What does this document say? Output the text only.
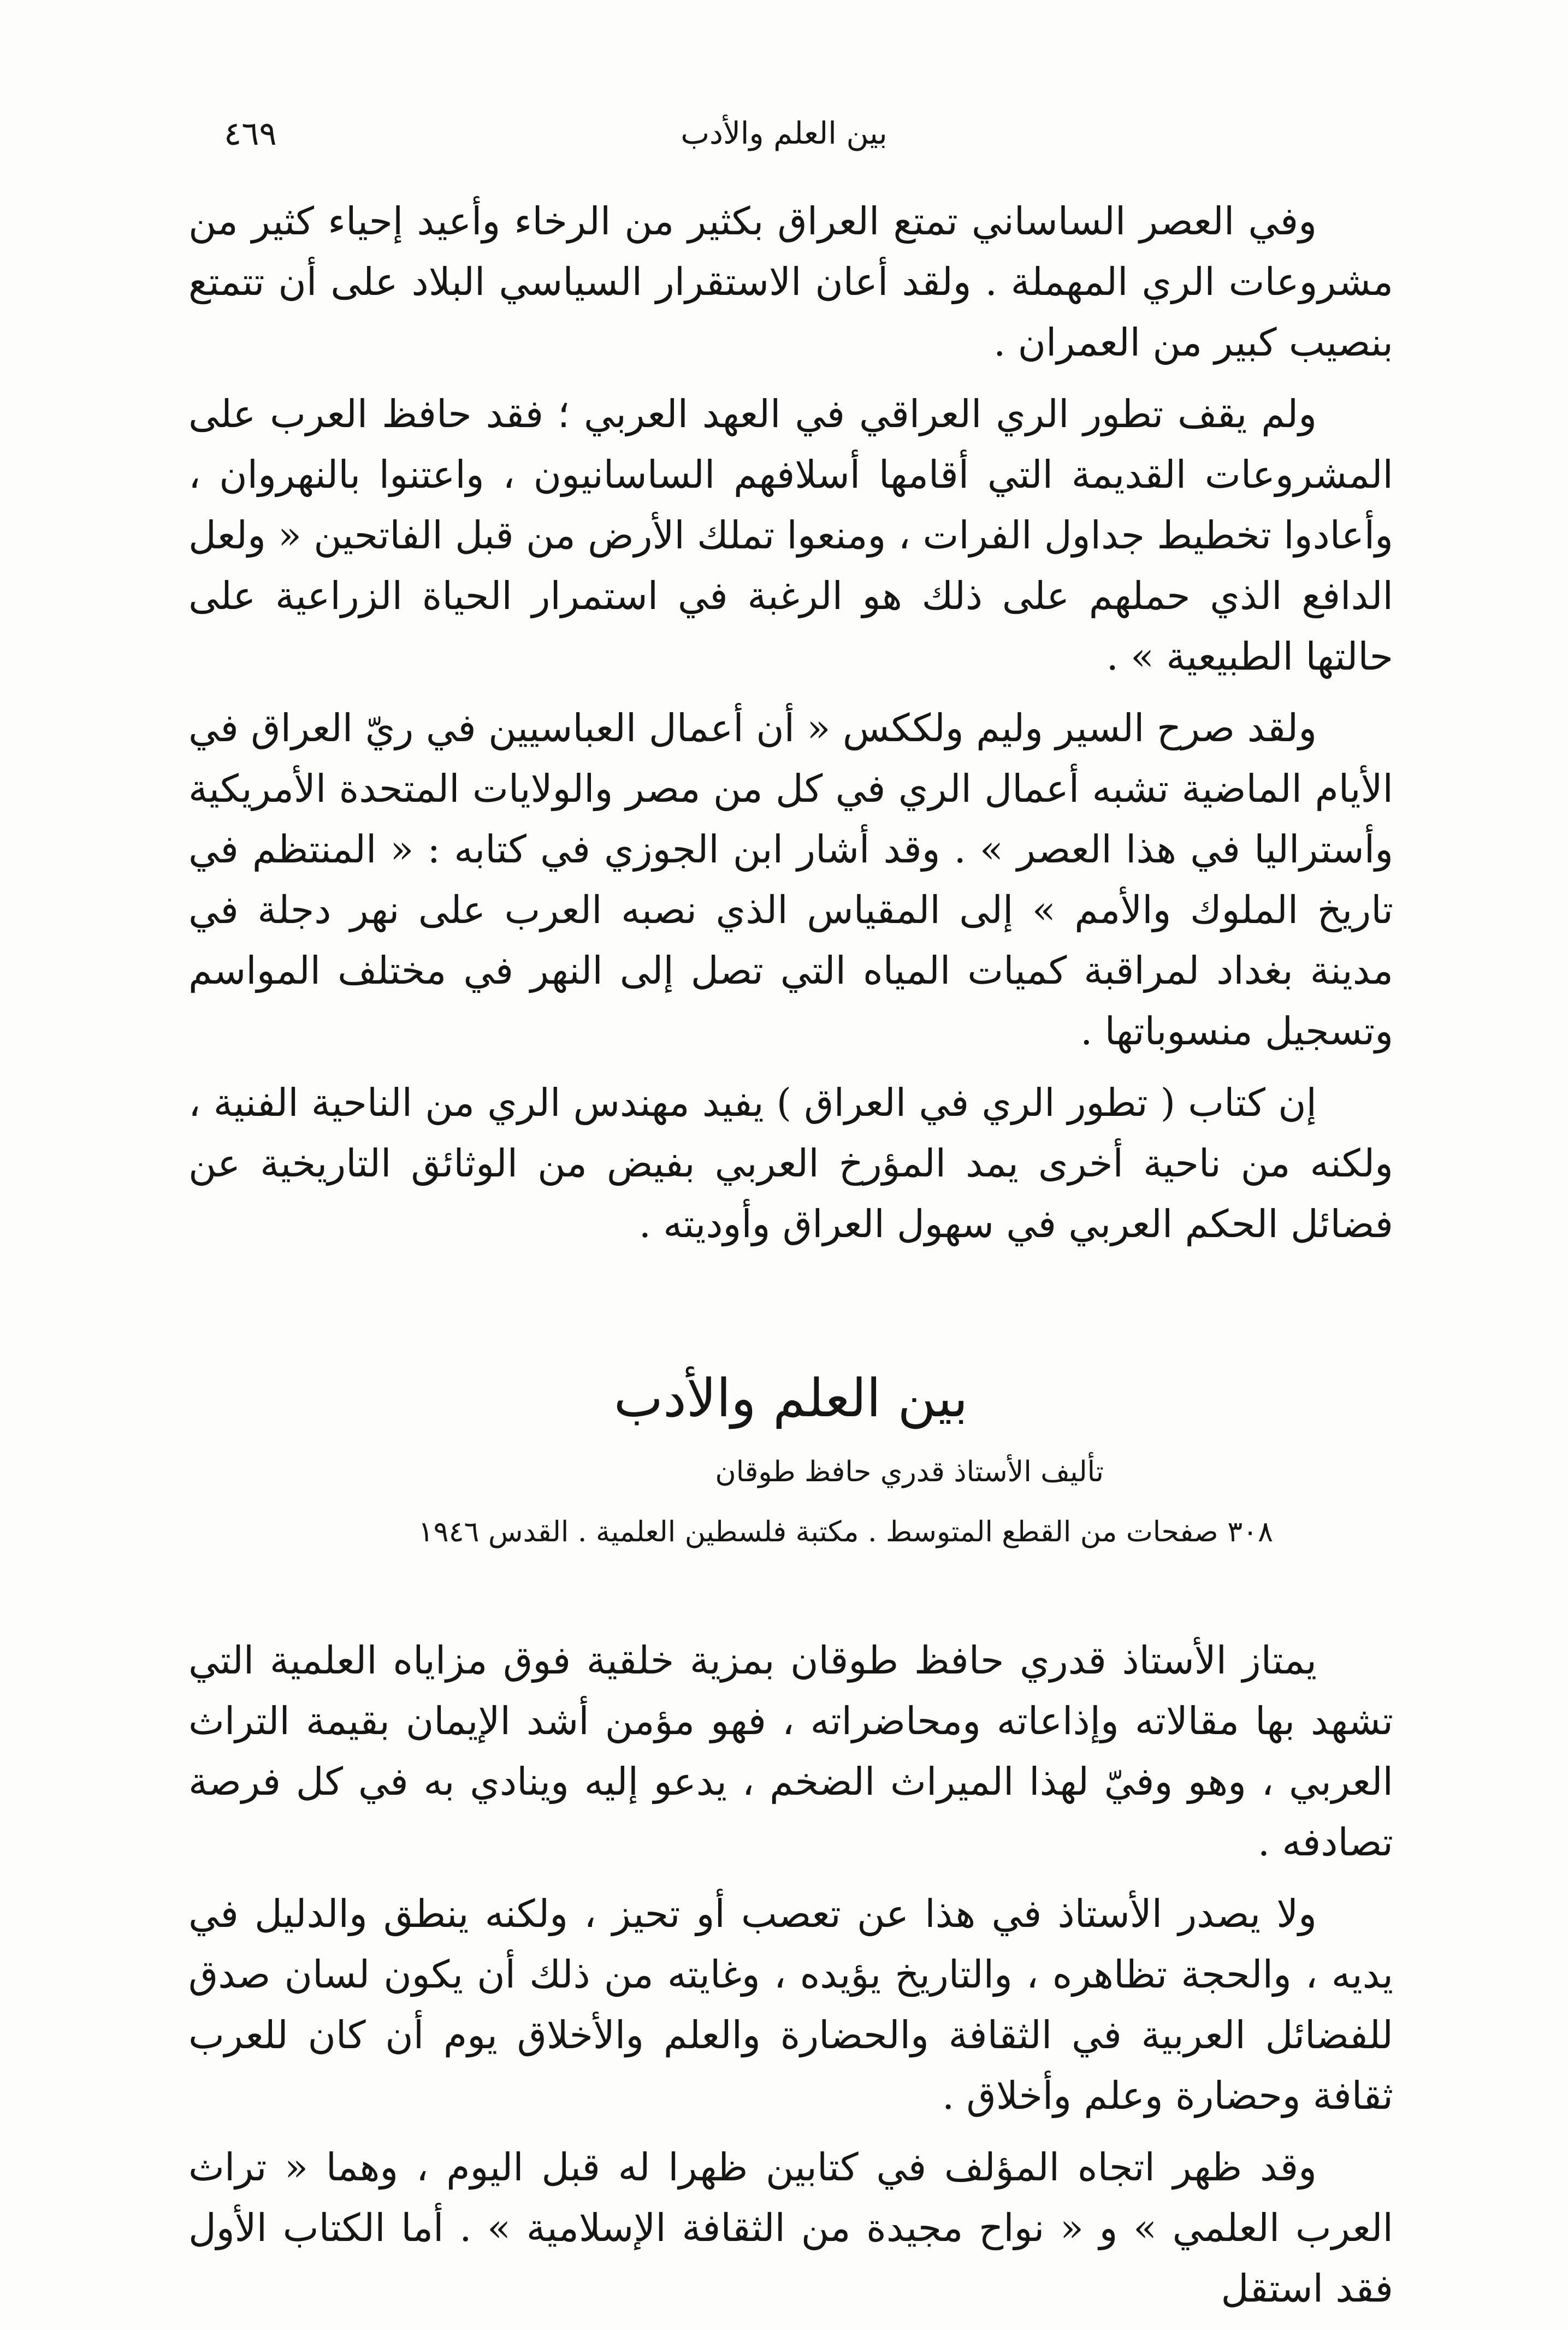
بين العلم والأدب
٤٦٩

وفي العصر الساساني تمتع العراق بكثير من الرخاء وأعيد إحياء كثير من مشروعات الري المهملة . ولقد أعان الاستقرار السياسي البلاد على أن تتمتع بنصيب كبير من العمران .

ولم يقف تطور الري العراقي في العهد العربي ؛ فقد حافظ العرب على المشروعات القديمة التي أقامها أسلافهم الساسانيون ، واعتنوا بالنهروان ، وأعادوا تخطيط جداول الفرات ، ومنعوا تملك الأرض من قبل الفاتحين « ولعل الدافع الذي حملهم على ذلك هو الرغبة في استمرار الحياة الزراعية على حالتها الطبيعية » .

ولقد صرح السير وليم ولككس « أن أعمال العباسيين في ريّ العراق في الأيام الماضية تشبه أعمال الري في كل من مصر والولايات المتحدة الأمريكية وأستراليا في هذا العصر » . وقد أشار ابن الجوزي في كتابه : « المنتظم في تاريخ الملوك والأمم » إلى المقياس الذي نصبه العرب على نهر دجلة في مدينة بغداد لمراقبة كميات المياه التي تصل إلى النهر في مختلف المواسم وتسجيل منسوباتها .

إن كتاب ( تطور الري في العراق ) يفيد مهندس الري من الناحية الفنية ، ولكنه من ناحية أخرى يمد المؤرخ العربي بفيض من الوثائق التاريخية عن فضائل الحكم العربي في سهول العراق وأوديته .

بين العلم والأدب

تأليف الأستاذ قدري حافظ طوقان

٣٠٨ صفحات من القطع المتوسط . مكتبة فلسطين العلمية . القدس ١٩٤٦

يمتاز الأستاذ قدري حافظ طوقان بمزية خلقية فوق مزاياه العلمية التي تشهد بها مقالاته وإذاعاته ومحاضراته ، فهو مؤمن أشد الإيمان بقيمة التراث العربي ، وهو وفيّ لهذا الميراث الضخم ، يدعو إليه وينادي به في كل فرصة تصادفه .

ولا يصدر الأستاذ في هذا عن تعصب أو تحيز ، ولكنه ينطق والدليل في يديه ، والحجة تظاهره ، والتاريخ يؤيده ، وغايته من ذلك أن يكون لسان صدق للفضائل العربية في الثقافة والحضارة والعلم والأخلاق يوم أن كان للعرب ثقافة وحضارة وعلم وأخلاق .

وقد ظهر اتجاه المؤلف في كتابين ظهرا له قبل اليوم ، وهما « تراث العرب العلمي » و « نواح مجيدة من الثقافة الإسلامية » . أما الكتاب الأول فقد استقل
